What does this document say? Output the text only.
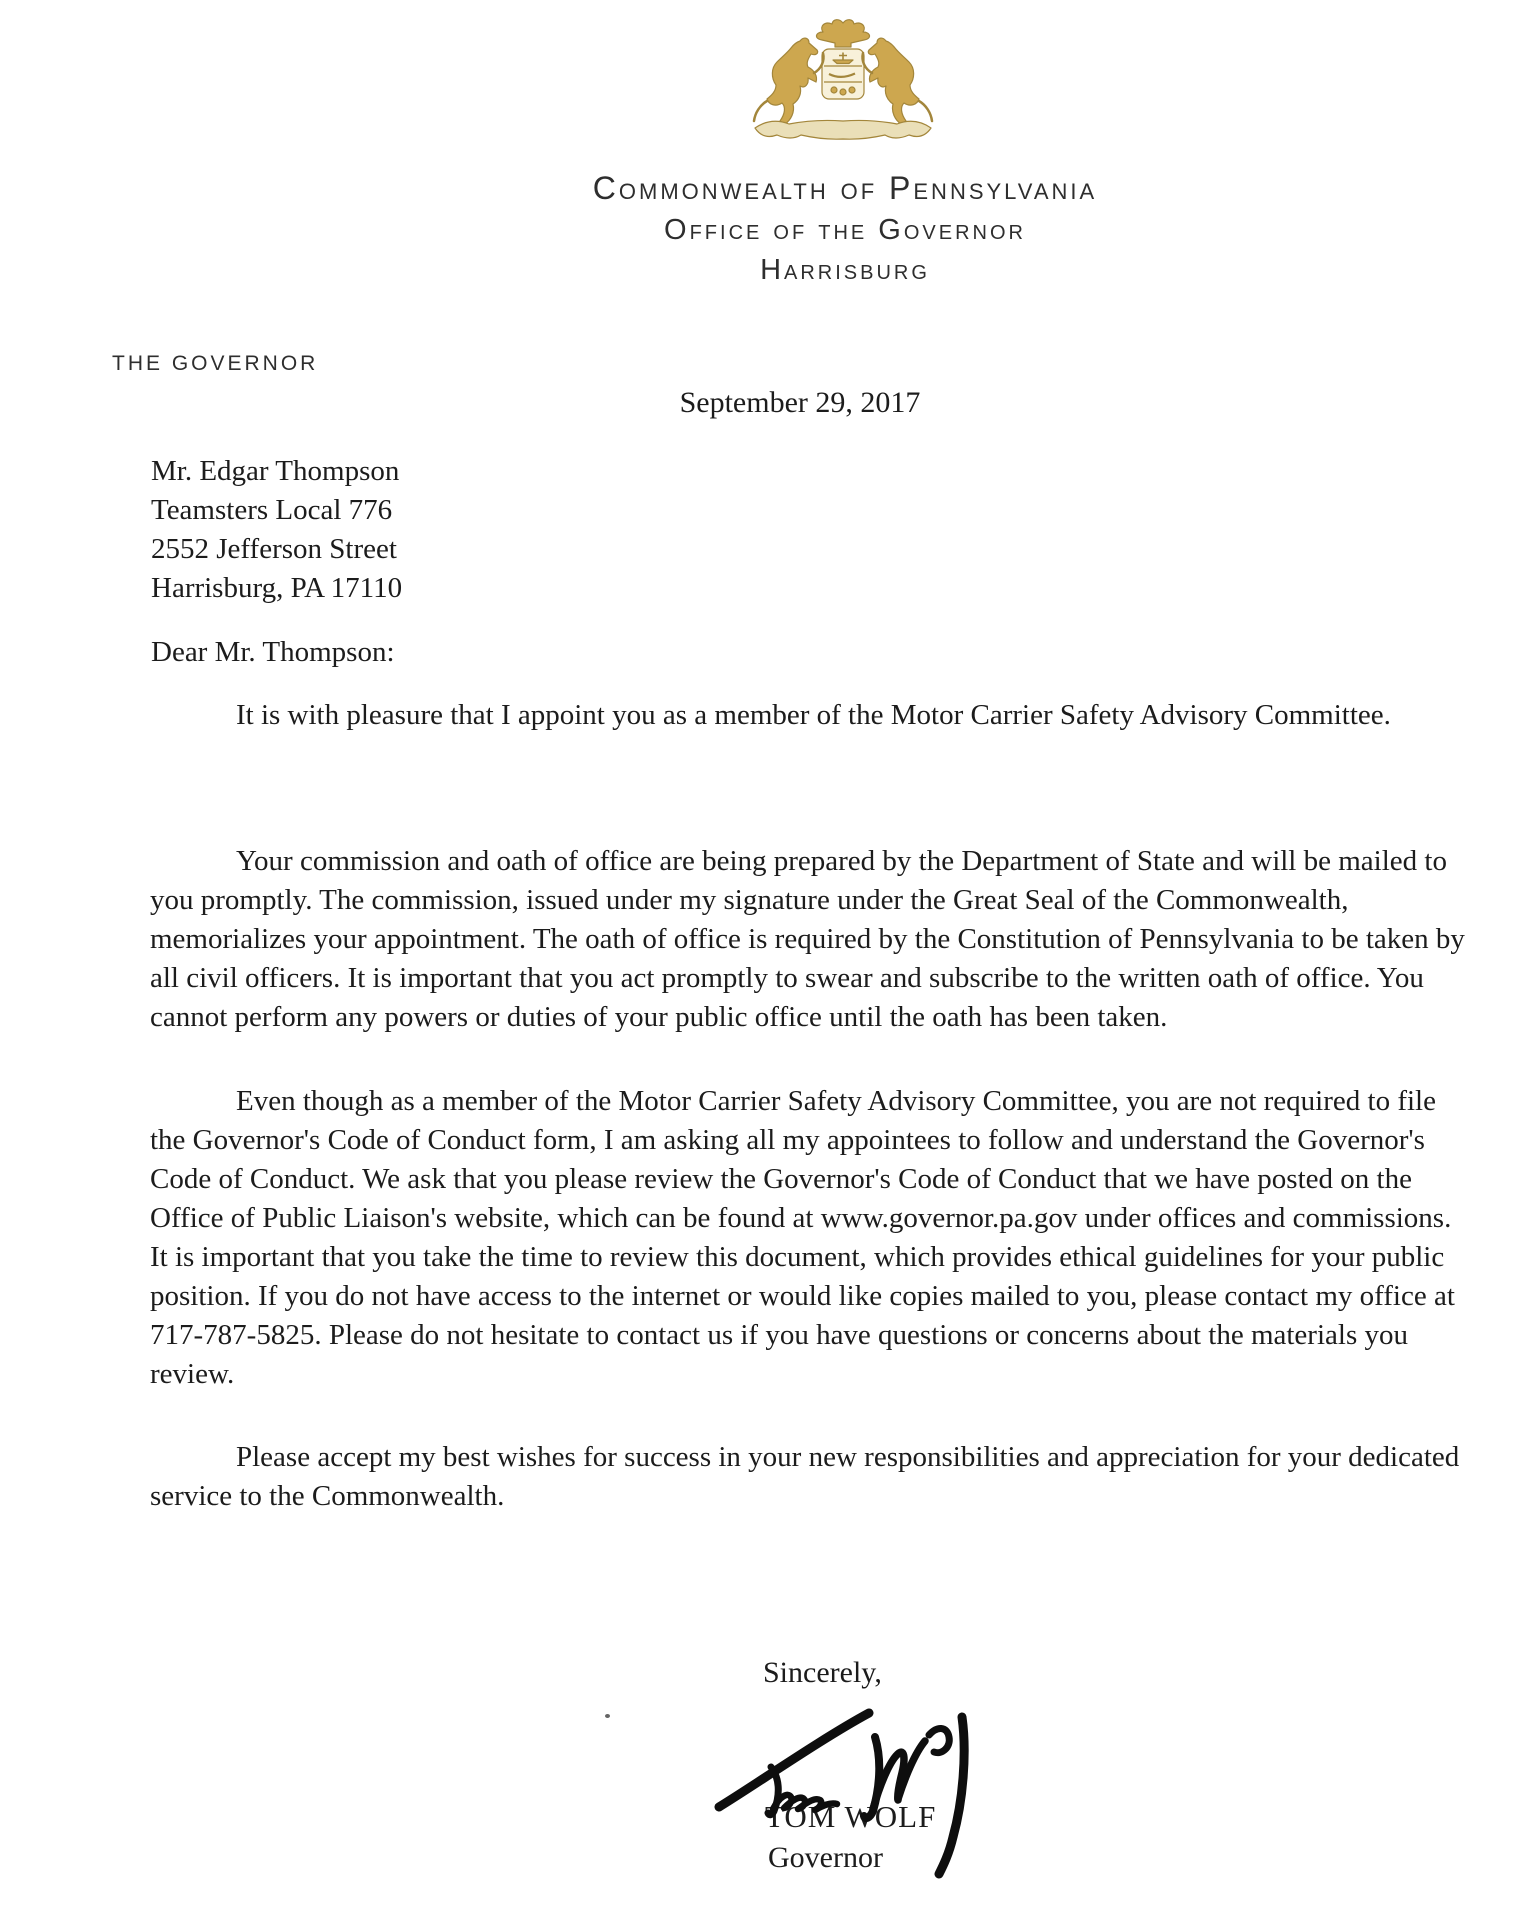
Commonwealth of Pennsylvania
Office of the Governor
Harrisburg
THE GOVERNOR
September 29, 2017
Mr. Edgar Thompson
Teamsters Local 776
2552 Jefferson Street
Harrisburg, PA 17110
Dear Mr. Thompson:

It is with pleasure that I appoint you as a member of the Motor Carrier Safety Advisory Committee.

Your commission and oath of office are being prepared by the Department of State and will be mailed to you promptly. The commission, issued under my signature under the Great Seal of the Commonwealth, memorializes your appointment. The oath of office is required by the Constitution of Pennsylvania to be taken by all civil officers. It is important that you act promptly to swear and subscribe to the written oath of office. You cannot perform any powers or duties of your public office until the oath has been taken.

Even though as a member of the Motor Carrier Safety Advisory Committee, you are not required to file the Governor's Code of Conduct form, I am asking all my appointees to follow and understand the Governor's Code of Conduct. We ask that you please review the Governor's Code of Conduct that we have posted on the Office of Public Liaison's website, which can be found at www.governor.pa.gov under offices and commissions. It is important that you take the time to review this document, which provides ethical guidelines for your public position. If you do not have access to the internet or would like copies mailed to you, please contact my office at 717-787-5825. Please do not hesitate to contact us if you have questions or concerns about the materials you review.

Please accept my best wishes for success in your new responsibilities and appreciation for your dedicated service to the Commonwealth.

Sincerely,
TOM WOLF
Governor
